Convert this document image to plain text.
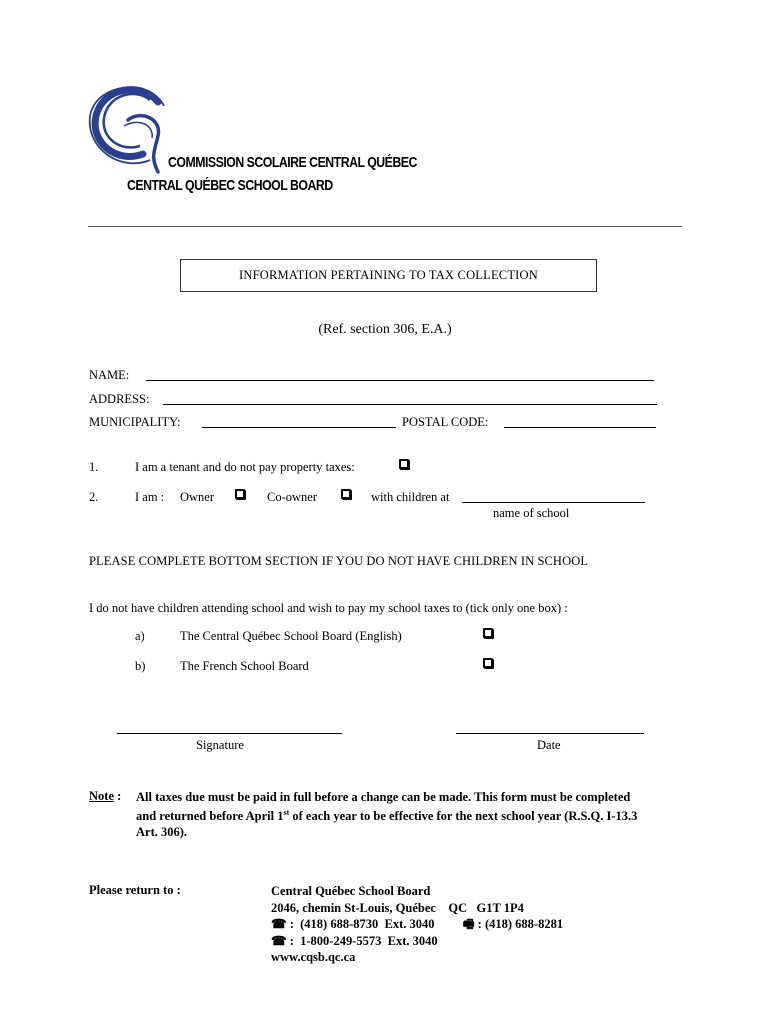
COMMISSION SCOLAIRE CENTRAL QUÉBEC
CENTRAL QUÉBEC SCHOOL BOARD
INFORMATION PERTAINING TO TAX COLLECTION
(Ref. section 306, E.A.)
NAME:
ADDRESS:
MUNICIPALITY:	POSTAL CODE:
1.	I am a tenant and do not pay property taxes:
2.	I am : Owner	Co-owner	with children at
name of school
PLEASE COMPLETE BOTTOM SECTION IF YOU DO NOT HAVE CHILDREN IN SCHOOL
I do not have children attending school and wish to pay my school taxes to (tick only one box) :
a)	The Central Québec School Board (English)
b)	The French School Board
Signature	Date
Note : All taxes due must be paid in full before a change can be made. This form must be completed
and returned before April 1st of each year to be effective for the next school year (R.S.Q. I-13.3
Art. 306).
Please return to :	Central Québec School Board
2046, chemin St-Louis, Québec    QC   G1T 1P4
☎ :  (418) 688-8730  Ext. 3040 🖷 : (418) 688-8281
☎ :  1-800-249-5573  Ext. 3040
www.cqsb.qc.ca
